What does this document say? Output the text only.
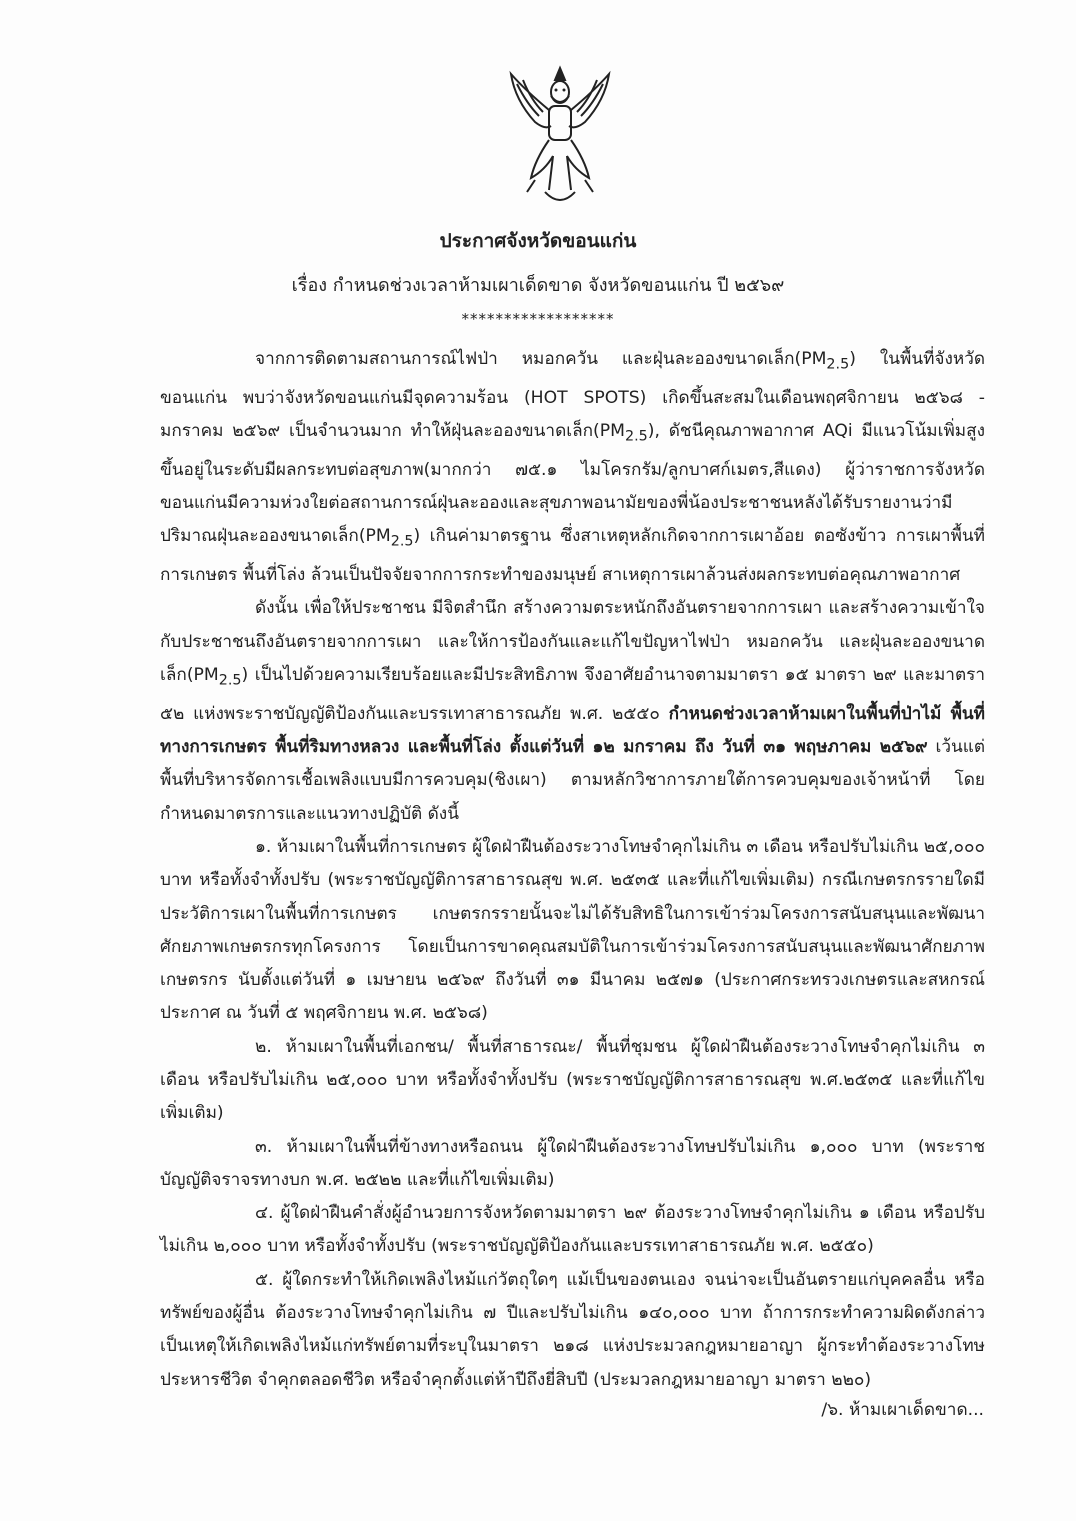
ประกาศจังหวัดขอนแก่น
เรื่อง กำหนดช่วงเวลาห้ามเผาเด็ดขาด จังหวัดขอนแก่น ปี ๒๕๖๙
******************

จากการติดตามสถานการณ์ไฟป่า หมอกควัน และฝุ่นละอองขนาดเล็ก$(PM_{2.5})$ ในพื้นที่จังหวัดขอนแก่น พบว่าจังหวัดขอนแก่นมีจุดความร้อน (HOT SPOTS) เกิดขึ้นสะสมในเดือนพฤศจิกายน ๒๕๖๘ - มกราคม ๒๕๖๙ เป็นจำนวนมาก ทำให้ฝุ่นละอองขนาดเล็ก$(PM_{2.5})$, ดัชนีคุณภาพอากาศ AQi มีแนวโน้มเพิ่มสูงขึ้นอยู่ในระดับมีผลกระทบต่อสุขภาพ(มากกว่า ๗๕.๑ ไมโครกรัม/ลูกบาศก์เมตร,สีแดง) ผู้ว่าราชการจังหวัดขอนแก่นมีความห่วงใยต่อสถานการณ์ฝุ่นละอองและสุขภาพอนามัยของพี่น้องประชาชนหลังได้รับรายงานว่ามีปริมาณฝุ่นละอองขนาดเล็ก$(PM_{2.5})$ เกินค่ามาตรฐาน ซึ่งสาเหตุหลักเกิดจากการเผาอ้อย ตอซังข้าว การเผาพื้นที่การเกษตร พื้นที่โล่ง ล้วนเป็นปัจจัยจากการกระทำของมนุษย์ สาเหตุการเผาล้วนส่งผลกระทบต่อคุณภาพอากาศ

ดังนั้น เพื่อให้ประชาชน มีจิตสำนึก สร้างความตระหนักถึงอันตรายจากการเผา และสร้างความเข้าใจกับประชาชนถึงอันตรายจากการเผา และให้การป้องกันและแก้ไขปัญหาไฟป่า หมอกควัน และฝุ่นละอองขนาดเล็ก$(PM_{2.5})$ เป็นไปด้วยความเรียบร้อยและมีประสิทธิภาพ จึงอาศัยอำนาจตามมาตรา ๑๕ มาตรา ๒๙ และมาตรา ๕๒ แห่งพระราชบัญญัติป้องกันและบรรเทาสาธารณภัย พ.ศ. ๒๕๕๐ กำหนดช่วงเวลาห้ามเผาในพื้นที่ป่าไม้ พื้นที่ทางการเกษตร พื้นที่ริมทางหลวง และพื้นที่โล่ง ตั้งแต่วันที่ ๑๒ มกราคม ถึง วันที่ ๓๑ พฤษภาคม ๒๕๖๙ เว้นแต่พื้นที่บริหารจัดการเชื้อเพลิงแบบมีการควบคุม(ชิงเผา) ตามหลักวิชาการภายใต้การควบคุมของเจ้าหน้าที่ โดยกำหนดมาตรการและแนวทางปฏิบัติ ดังนี้

๑. ห้ามเผาในพื้นที่การเกษตร ผู้ใดฝ่าฝืนต้องระวางโทษจำคุกไม่เกิน ๓ เดือน หรือปรับไม่เกิน ๒๕,๐๐๐ บาท หรือทั้งจำทั้งปรับ (พระราชบัญญัติการสาธารณสุข พ.ศ. ๒๕๓๕ และที่แก้ไขเพิ่มเติม) กรณีเกษตรกรรายใดมีประวัติการเผาในพื้นที่การเกษตร เกษตรกรรายนั้นจะไม่ได้รับสิทธิในการเข้าร่วมโครงการสนับสนุนและพัฒนาศักยภาพเกษตรกรทุกโครงการ โดยเป็นการขาดคุณสมบัติในการเข้าร่วมโครงการสนับสนุนและพัฒนาศักยภาพเกษตรกร นับตั้งแต่วันที่ ๑ เมษายน ๒๕๖๙ ถึงวันที่ ๓๑ มีนาคม ๒๕๗๑ (ประกาศกระทรวงเกษตรและสหกรณ์ ประกาศ ณ วันที่ ๕ พฤศจิกายน พ.ศ. ๒๕๖๘)

๒. ห้ามเผาในพื้นที่เอกชน/ พื้นที่สาธารณะ/ พื้นที่ชุมชน ผู้ใดฝ่าฝืนต้องระวางโทษจำคุกไม่เกิน ๓ เดือน หรือปรับไม่เกิน ๒๕,๐๐๐ บาท หรือทั้งจำทั้งปรับ (พระราชบัญญัติการสาธารณสุข พ.ศ.๒๕๓๕ และที่แก้ไขเพิ่มเติม)

๓. ห้ามเผาในพื้นที่ข้างทางหรือถนน ผู้ใดฝ่าฝืนต้องระวางโทษปรับไม่เกิน ๑,๐๐๐ บาท (พระราชบัญญัติจราจรทางบก พ.ศ. ๒๕๒๒ และที่แก้ไขเพิ่มเติม)

๔. ผู้ใดฝ่าฝืนคำสั่งผู้อำนวยการจังหวัดตามมาตรา ๒๙ ต้องระวางโทษจำคุกไม่เกิน ๑ เดือน หรือปรับไม่เกิน ๒,๐๐๐ บาท หรือทั้งจำทั้งปรับ (พระราชบัญญัติป้องกันและบรรเทาสาธารณภัย พ.ศ. ๒๕๕๐)

๕. ผู้ใดกระทำให้เกิดเพลิงไหม้แก่วัตถุใดๆ แม้เป็นของตนเอง จนน่าจะเป็นอันตรายแก่บุคคลอื่น หรือทรัพย์ของผู้อื่น ต้องระวางโทษจำคุกไม่เกิน ๗ ปีและปรับไม่เกิน ๑๔๐,๐๐๐ บาท ถ้าการกระทำความผิดดังกล่าว เป็นเหตุให้เกิดเพลิงไหม้แก่ทรัพย์ตามที่ระบุในมาตรา ๒๑๘ แห่งประมวลกฎหมายอาญา ผู้กระทำต้องระวางโทษประหารชีวิต จำคุกตลอดชีวิต หรือจำคุกตั้งแต่ห้าปีถึงยี่สิบปี (ประมวลกฎหมายอาญา มาตรา ๒๒๐)

/๖. ห้ามเผาเด็ดขาด...
